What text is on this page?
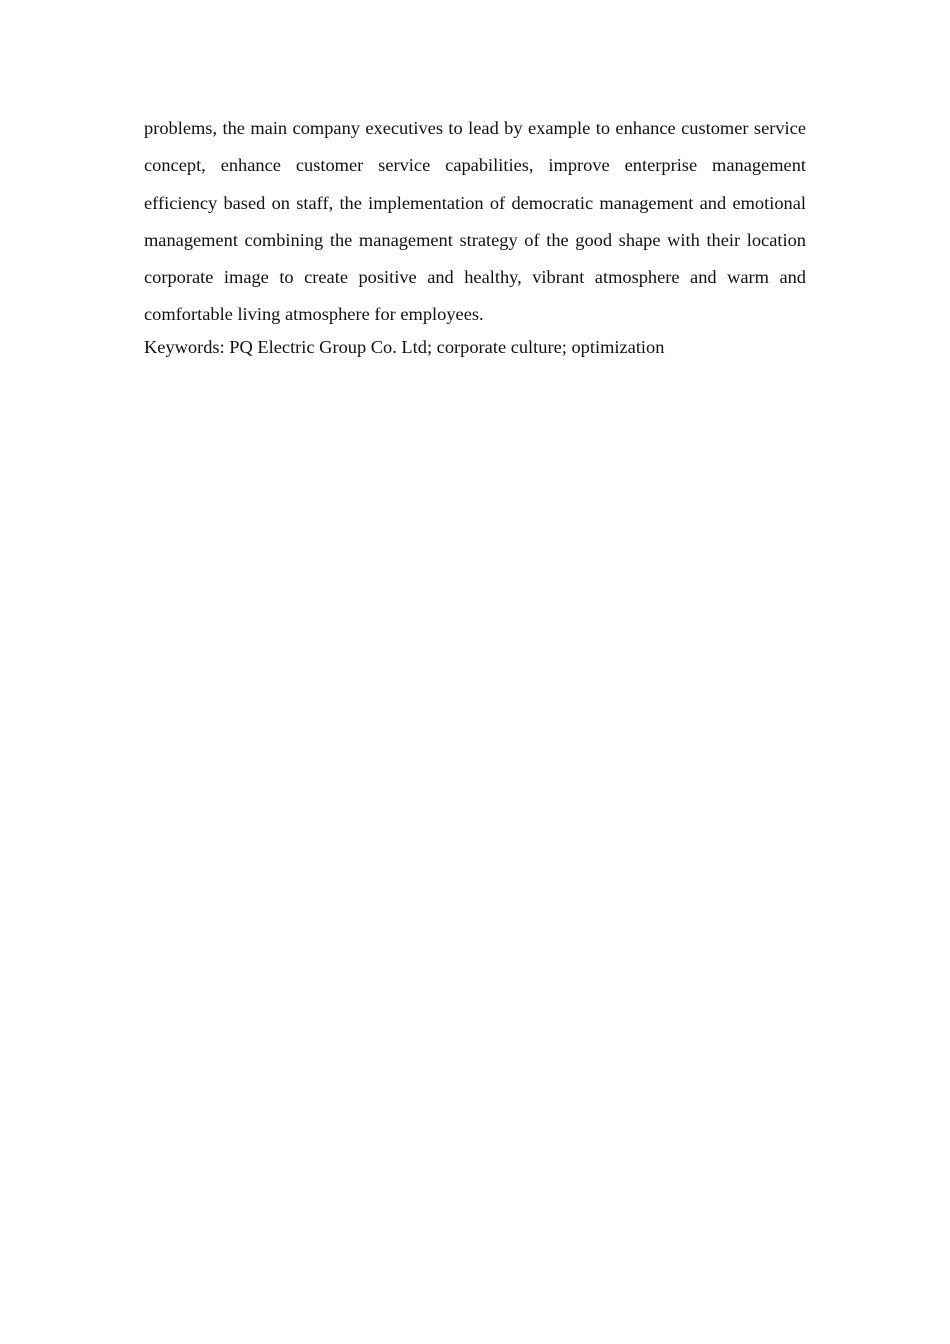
problems, the main company executives to lead by example to enhance customer service concept, enhance customer service capabilities, improve enterprise management efficiency based on staff, the implementation of democratic management and emotional management combining the management strategy of the good shape with their location corporate image to create positive and healthy, vibrant atmosphere and warm and comfortable living atmosphere for employees.

Keywords: PQ Electric Group Co. Ltd; corporate culture; optimization
